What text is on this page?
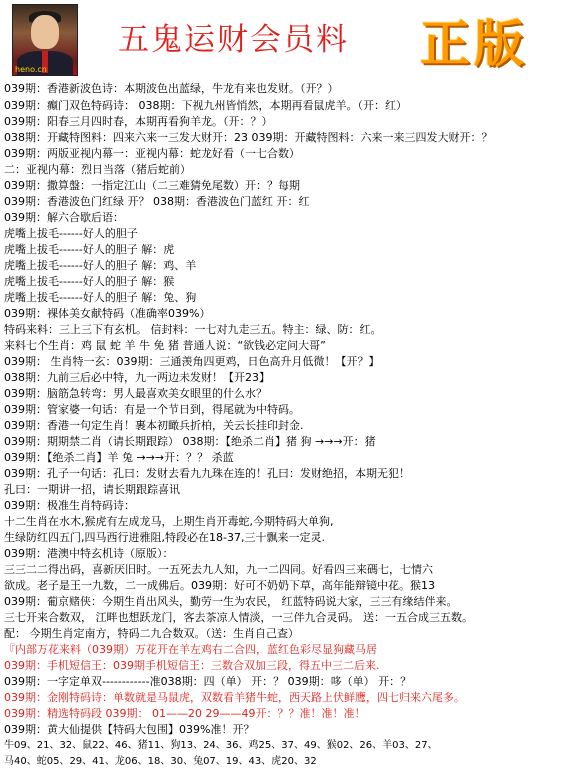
heno.cn
五鬼运财会员料 正版
039期：香港新波色诗：本期波色出蓝绿，牛龙有来也发财。（开？）
039期：癫门双色特码诗： 038期：下视九州皆悄然，本期再看鼠虎羊。（开：红）
039期：阳春三月四时春，本期再看狗羊龙。（开：？）
038期：开藏特图料：四来六来一三发大财开：23 039期：开藏特图料：六来一来三四发大财开：？
039期：两版亚视内幕一：亚视内幕：蛇龙好看（一七合数）
二：亚视内幕：烈日当落（猪后蛇前）
039期：撒算盤：一指定江山（二三难猜免尾数）开：？每期
039期：香港波色门红绿 开？ 038期：香港波色门蓝红 开：红
039期：解六合歇后语：
虎嘴上拔毛------好人的胆子
虎嘴上拔毛------好人的胆子 解：虎
虎嘴上拔毛------好人的胆子 解：鸡、羊
虎嘴上拔毛------好人的胆子 解：猴
虎嘴上拔毛------好人的胆子 解：兔、狗
039期：裸体美女献特码（准确率039%）
特码来料：三上三下有玄机。 信封料：一七对九走三五。特主：绿、防：红。
来料七个生肖：鸡 鼠 蛇 羊 牛 免 猪 普通人说：“欲钱必定问大哥”
039期： 生肖特一玄：039期：三通羡角四更鸡，日色高升月低微！【开？】
038期：九前三后必中特，九一两边未发财！【开23】
039期：脑筋急转弯：男人最喜欢美女眼里的什么水？
039期：管家婆一句话：有是一个节日到，得尾就为中特码。
039期：香港一句定生肖！裹本初瞰兵折柏，关云长挂印封金.
039期：期期禁二肖（请长期跟踪） 038期：【绝杀二肖】猪 狗 →→→开：猪
039期：【绝杀二肖】羊 兔 →→→开：？？ 杀蓝
039期：孔子一句话：孔曰：发财去看九九珠在连的！孔曰：发财绝招，本期无犯！
孔曰：一期讲一招，请长期跟踪喜讯
039期：极准生肖特码诗：
十二生肖在水木,猴虎有左成龙马，上期生肖开毒蛇,今期特码大单狗,
生绿防红四五门,四马西行进雅阻,特段必在18-37,三十飘来一定灵.
039期：港澳中特玄机诗（原版）：
三三二二得出码，喜新厌旧时。一五死去九人知，九一二四同。好看四三来碼七，七情六
欲成。老子是王一九数，二一成佛后。039期：好可不奶奶下草，高年能辩镜中花。猴13
039期：葡京赌侠：今期生肖出风头，勤劳一生为农民， 红蓝特码说大家，三三有缘结伴来。
三七开来合数双， 江畔也想跃龙门，客去茶凉人情淡，一三伴九合灵码。 送：一五合成三五数。
配： 今期生肖定南方，特码二九合数双。（送：生肖自己查）
『内部万花来料（039期）万花开在羊左鸡右二合四，蓝红色彩尽显狗藏马居
039期：手机短信王：039期手机短信王：三数合双加三段，得五中三二后来.
039期：一字定单双------------准038期：四（单） 开：？ 039期：哆（单） 开：？
039期：金刚特码诗：单数就是马鼠虎，双数看羊猪牛蛇，西天路上伏鲜鹰，四七归来六尾多。
039期：精选特码段 039期： 01——20 29——49开：？？准！准！准！
039期：黄大仙提供【特码大包围】039%准！开？
牛09、21、32、鼠22、46、猪11、狗13、24、36、鸡25、37、49、猴02、26、羊03、27、
马40、蛇05、29、41、龙06、18、30、兔07、19、43、虎20、32
